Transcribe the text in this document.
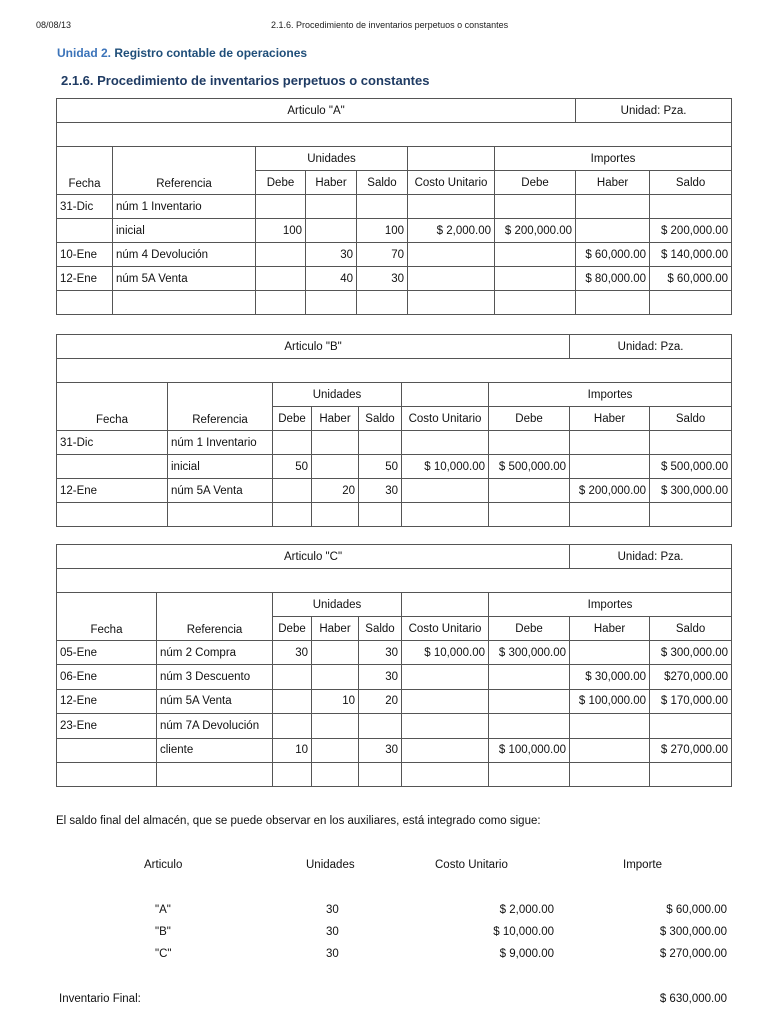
08/08/13	2.1.6. Procedimiento de inventarios perpetuos o constantes
Unidad 2. Registro contable de operaciones
2.1.6. Procedimiento de inventarios perpetuos o constantes
Articulo "A"							Unidad: Pza.	

Fecha	Referencia	Unidades				Importes		
		Debe	Haber	Saldo	Costo Unitario	Debe	Haber	Saldo
31-Dic	núm 1 Inventario							
	inicial	100		100	$ 2,000.00	$ 200,000.00		$ 200,000.00
10-Ene	núm 4 Devolución		30	70			$ 60,000.00	$ 140,000.00
12-Ene	núm 5A Venta		40	30			$ 80,000.00	$ 60,000.00

Articulo "B"							Unidad: Pza.	

Fecha	Referencia	Unidades				Importes		
		Debe	Haber	Saldo	Costo Unitario	Debe	Haber	Saldo
31-Dic	núm 1 Inventario							
	inicial	50		50	$ 10,000.00	$ 500,000.00		$ 500,000.00
12-Ene	núm 5A Venta		20	30			$ 200,000.00	$ 300,000.00

Articulo "C"							Unidad: Pza.	

Fecha	Referencia	Unidades				Importes		
		Debe	Haber	Saldo	Costo Unitario	Debe	Haber	Saldo
05-Ene	núm 2 Compra	30		30	$ 10,000.00	$ 300,000.00		$ 300,000.00
06-Ene	núm 3 Descuento			30			$ 30,000.00	$270,000.00
12-Ene	núm 5A Venta		10	20			$ 100,000.00	$ 170,000.00
23-Ene	núm 7A Devolución							
	cliente	10		30		$ 100,000.00		$ 270,000.00

El saldo final del almacén, que se puede observar en los auxiliares, está integrado como sigue:
Articulo	Unidades	Costo Unitario	Importe
"A"	30	$ 2,000.00	$ 60,000.00
"B"	30	$ 10,000.00	$ 300,000.00
"C"	30	$ 9,000.00	$ 270,000.00
Inventario Final:	$ 630,000.00
